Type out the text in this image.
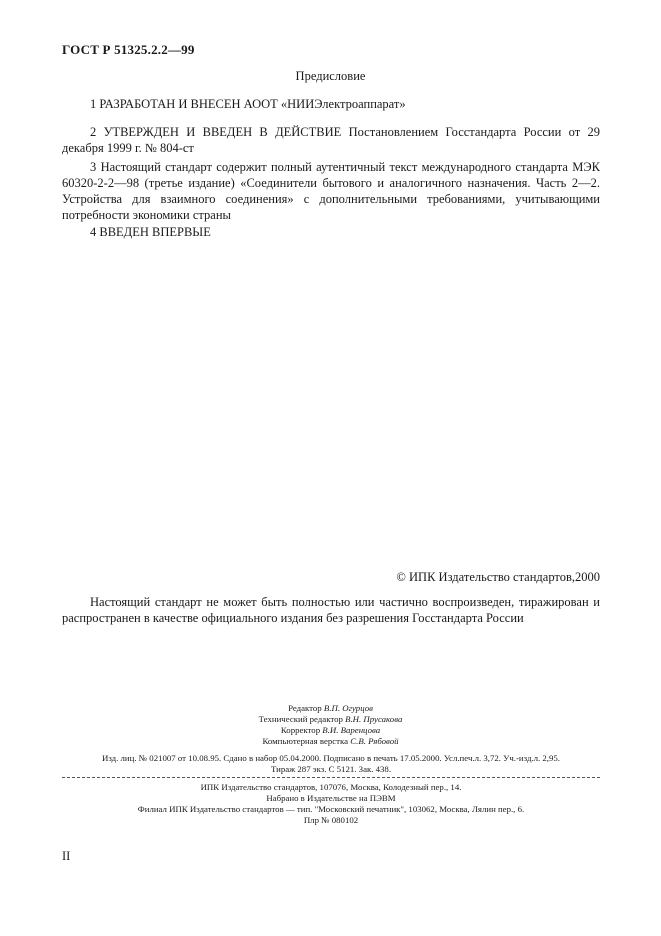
ГОСТ Р 51325.2.2—99
Предисловие
1 РАЗРАБОТАН И ВНЕСЕН АООТ «НИИЭлектроаппарат»
2 УТВЕРЖДЕН И ВВЕДЕН В ДЕЙСТВИЕ Постановлением Госстандарта России от 29 декабря 1999 г. № 804-ст
3 Настоящий стандарт содержит полный аутентичный текст международного стандарта МЭК 60320-2-2—98 (третье издание) «Соединители бытового и аналогичного назначения. Часть 2—2. Устройства для взаимного соединения» с дополнительными требованиями, учитывающими потребности экономики страны
4 ВВЕДЕН ВПЕРВЫЕ
© ИПК Издательство стандартов,2000
Настоящий стандарт не может быть полностью или частично воспроизведен, тиражирован и распространен в качестве официального издания без разрешения Госстандарта России
Редактор В.П. Огурцов
Технический редактор В.Н. Прусакова
Корректор В.И. Варенцова
Компьютерная верстка С.В. Рябовой
Изд. лиц. № 021007 от 10.08.95. Сдано в набор 05.04.2000. Подписано в печать 17.05.2000. Усл.печ.л. 3,72. Уч.-изд.л. 2,95.
Тираж 287 экз. С 5121. Зак. 438.
ИПК Издательство стандартов, 107076, Москва, Колодезный пер., 14.
Набрано в Издательстве на ПЭВМ
Филиал ИПК Издательство стандартов — тип. "Московский печатник", 103062, Москва, Лялин пер., 6.
Плр № 080102
II
